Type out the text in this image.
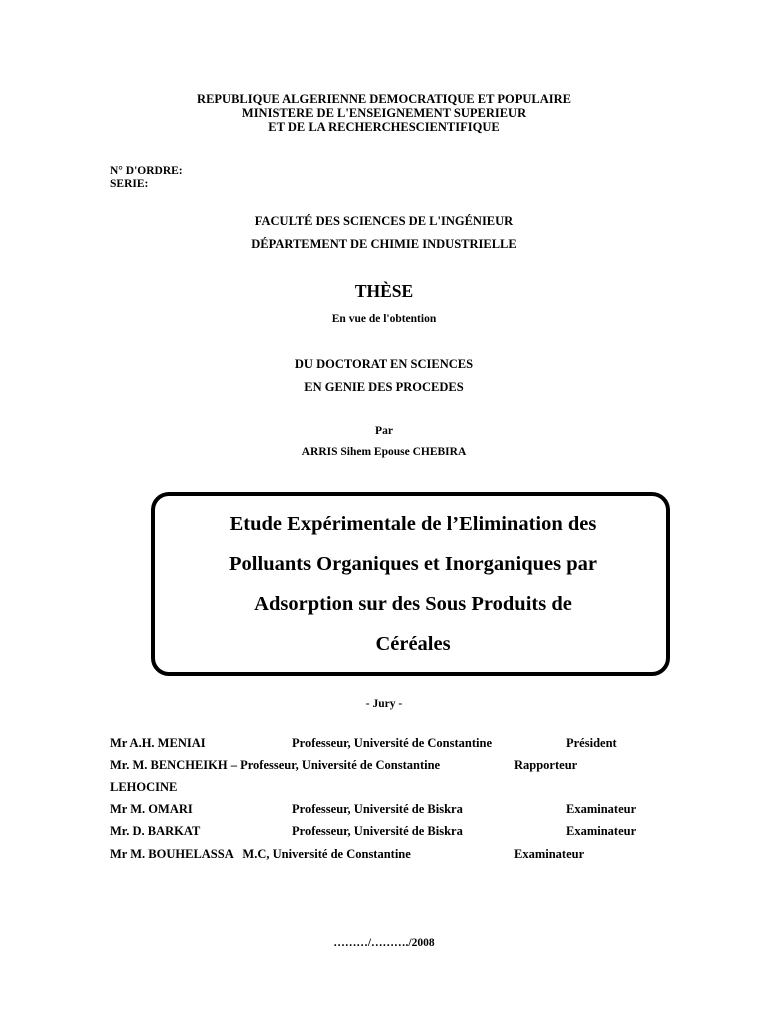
REPUBLIQUE ALGERIENNE DEMOCRATIQUE ET POPULAIRE
MINISTERE DE L'ENSEIGNEMENT SUPERIEUR
ET DE LA RECHERCHESCIENTIFIQUE
N° D'ORDRE:
SERIE:
FACULTÉ DES SCIENCES DE L'INGÉNIEUR
DÉPARTEMENT DE CHIMIE INDUSTRIELLE
THÈSE
En vue de l'obtention
DU DOCTORAT EN SCIENCES
EN GENIE DES PROCEDES
Par
ARRIS Sihem Epouse CHEBIRA
Etude Expérimentale de l’Elimination des
Polluants Organiques et Inorganiques par
Adsorption sur des Sous Produits de
Céréales
- Jury -
Mr A.H. MENIAI	Professeur, Université de Constantine	Président
Mr. M. BENCHEIKH – Professeur, Université de Constantine	Rapporteur
LEHOCINE
Mr M. OMARI	Professeur, Université de Biskra	Examinateur
Mr. D. BARKAT	Professeur, Université de Biskra	Examinateur
Mr M. BOUHELASSA   M.C, Université de Constantine	Examinateur
………/………./2008
